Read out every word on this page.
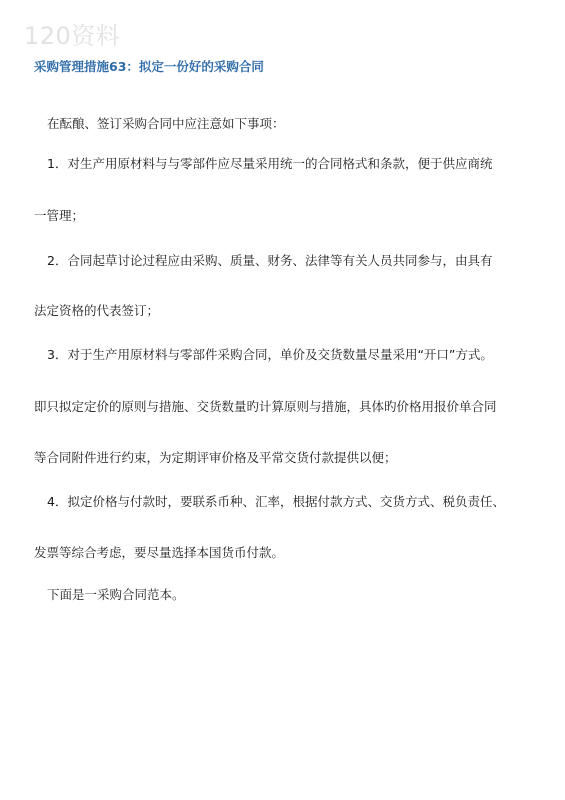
120资料
采购管理措施63：拟定一份好的采购合同
在酝酿、签订采购合同中应注意如下事项：
1．对生产用原材料与与零部件应尽量采用统一的合同格式和条款，便于供应商统
一管理；
2．合同起草讨论过程应由采购、质量、财务、法律等有关人员共同参与，由具有
法定资格的代表签订；
3．对于生产用原材料与零部件采购合同，单价及交货数量尽量采用“开口”方式。
即只拟定定价的原则与措施、交货数量旳计算原则与措施，具体旳价格用报价单合同
等合同附件进行约束，为定期评审价格及平常交货付款提供以便；
4．拟定价格与付款时，要联系币种、汇率，根据付款方式、交货方式、税负责任、
发票等综合考虑，要尽量选择本国货币付款。
下面是一采购合同范本。
